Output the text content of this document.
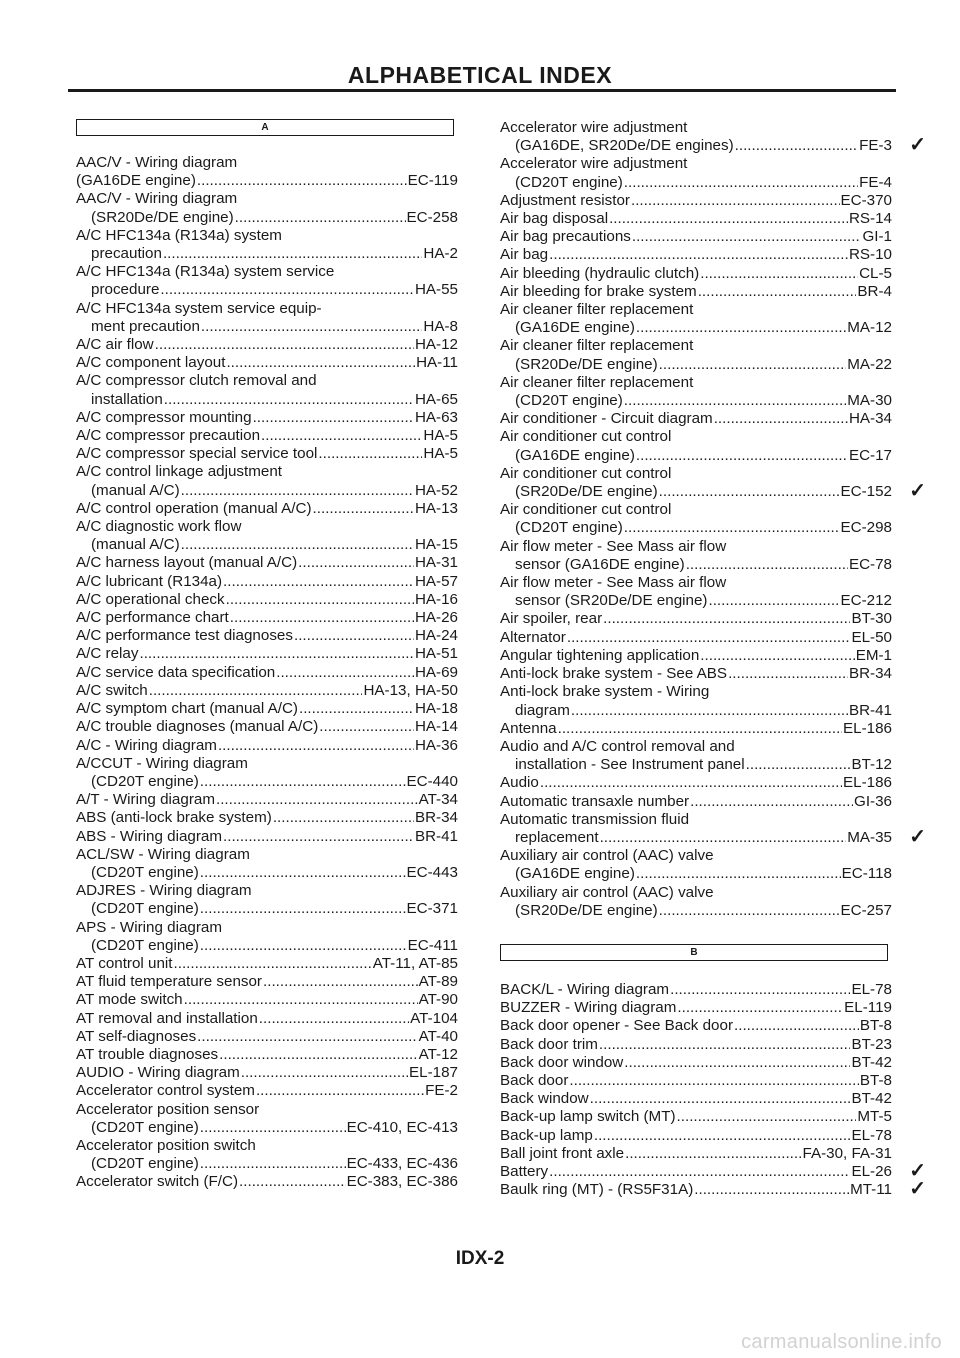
ALPHABETICAL INDEX
A
AAC/V - Wiring diagram
(GA16DE engine) .....	EC-119
AAC/V - Wiring diagram
(SR20De/DE engine) .....	EC-258
A/C HFC134a (R134a) system
precaution .....	HA-2
A/C HFC134a (R134a) system service
procedure .....	HA-55
A/C HFC134a system service equip-
ment precaution .....	HA-8
A/C air flow .....	HA-12
A/C component layout .....	HA-11
A/C compressor clutch removal and
installation .....	HA-65
A/C compressor mounting .....	HA-63
A/C compressor precaution .....	HA-5
A/C compressor special service tool .....	HA-5
A/C control linkage adjustment
(manual A/C) .....	HA-52
A/C control operation (manual A/C) .....	HA-13
A/C diagnostic work flow
(manual A/C) .....	HA-15
A/C harness layout (manual A/C) .....	HA-31
A/C lubricant (R134a) .....	HA-57
A/C operational check .....	HA-16
A/C performance chart .....	HA-26
A/C performance test diagnoses .....	HA-24
A/C relay .....	HA-51
A/C service data specification .....	HA-69
A/C switch .....	HA-13, HA-50
A/C symptom chart (manual A/C) .....	HA-18
A/C trouble diagnoses (manual A/C) .....	HA-14
A/C - Wiring diagram .....	HA-36
A/CCUT - Wiring diagram
(CD20T engine) .....	EC-440
A/T - Wiring diagram .....	AT-34
ABS (anti-lock brake system) .....	BR-34
ABS - Wiring diagram .....	BR-41
ACL/SW - Wiring diagram
(CD20T engine) .....	EC-443
ADJRES - Wiring diagram
(CD20T engine) .....	EC-371
APS - Wiring diagram
(CD20T engine) .....	EC-411
AT control unit .....	AT-11, AT-85
AT fluid temperature sensor .....	AT-89
AT mode switch .....	AT-90
AT removal and installation .....	AT-104
AT self-diagnoses .....	AT-40
AT trouble diagnoses .....	AT-12
AUDIO - Wiring diagram .....	EL-187
Accelerator control system .....	FE-2
Accelerator position sensor
(CD20T engine) .....	EC-410, EC-413
Accelerator position switch
(CD20T engine) .....	EC-433, EC-436
Accelerator switch (F/C) .....	EC-383, EC-386
Accelerator wire adjustment
(GA16DE, SR20De/DE engines) .....	FE-3 ✓
Accelerator wire adjustment
(CD20T engine) .....	FE-4
Adjustment resistor .....	EC-370
Air bag disposal .....	RS-14
Air bag precautions .....	GI-1
Air bag .....	RS-10
Air bleeding (hydraulic clutch) .....	CL-5
Air bleeding for brake system .....	BR-4
Air cleaner filter replacement
(GA16DE engine) .....	MA-12
Air cleaner filter replacement
(SR20De/DE engine) .....	MA-22
Air cleaner filter replacement
(CD20T engine) .....	MA-30
Air conditioner - Circuit diagram .....	HA-34
Air conditioner cut control
(GA16DE engine) .....	EC-17
Air conditioner cut control
(SR20De/DE engine) .....	EC-152 ✓
Air conditioner cut control
(CD20T engine) .....	EC-298
Air flow meter - See Mass air flow
sensor (GA16DE engine) .....	EC-78
Air flow meter - See Mass air flow
sensor (SR20De/DE engine) .....	EC-212
Air spoiler, rear .....	BT-30
Alternator .....	EL-50
Angular tightening application .....	EM-1
Anti-lock brake system - See ABS .....	BR-34
Anti-lock brake system - Wiring
diagram .....	BR-41
Antenna .....	EL-186
Audio and A/C control removal and
installation - See Instrument panel .....	BT-12
Audio .....	EL-186
Automatic transaxle number .....	GI-36
Automatic transmission fluid
replacement .....	MA-35 ✓
Auxiliary air control (AAC) valve
(GA16DE engine) .....	EC-118
Auxiliary air control (AAC) valve
(SR20De/DE engine) .....	EC-257
B
BACK/L - Wiring diagram .....	EL-78
BUZZER - Wiring diagram .....	EL-119
Back door opener - See Back door .....	BT-8
Back door trim .....	BT-23
Back door window .....	BT-42
Back door .....	BT-8
Back window .....	BT-42
Back-up lamp switch (MT) .....	MT-5
Back-up lamp .....	EL-78
Ball joint front axle .....	FA-30, FA-31
Battery .....	EL-26 ✓
Baulk ring (MT) - (RS5F31A) .....	MT-11 ✓
IDX-2
carmanualsonline.info
